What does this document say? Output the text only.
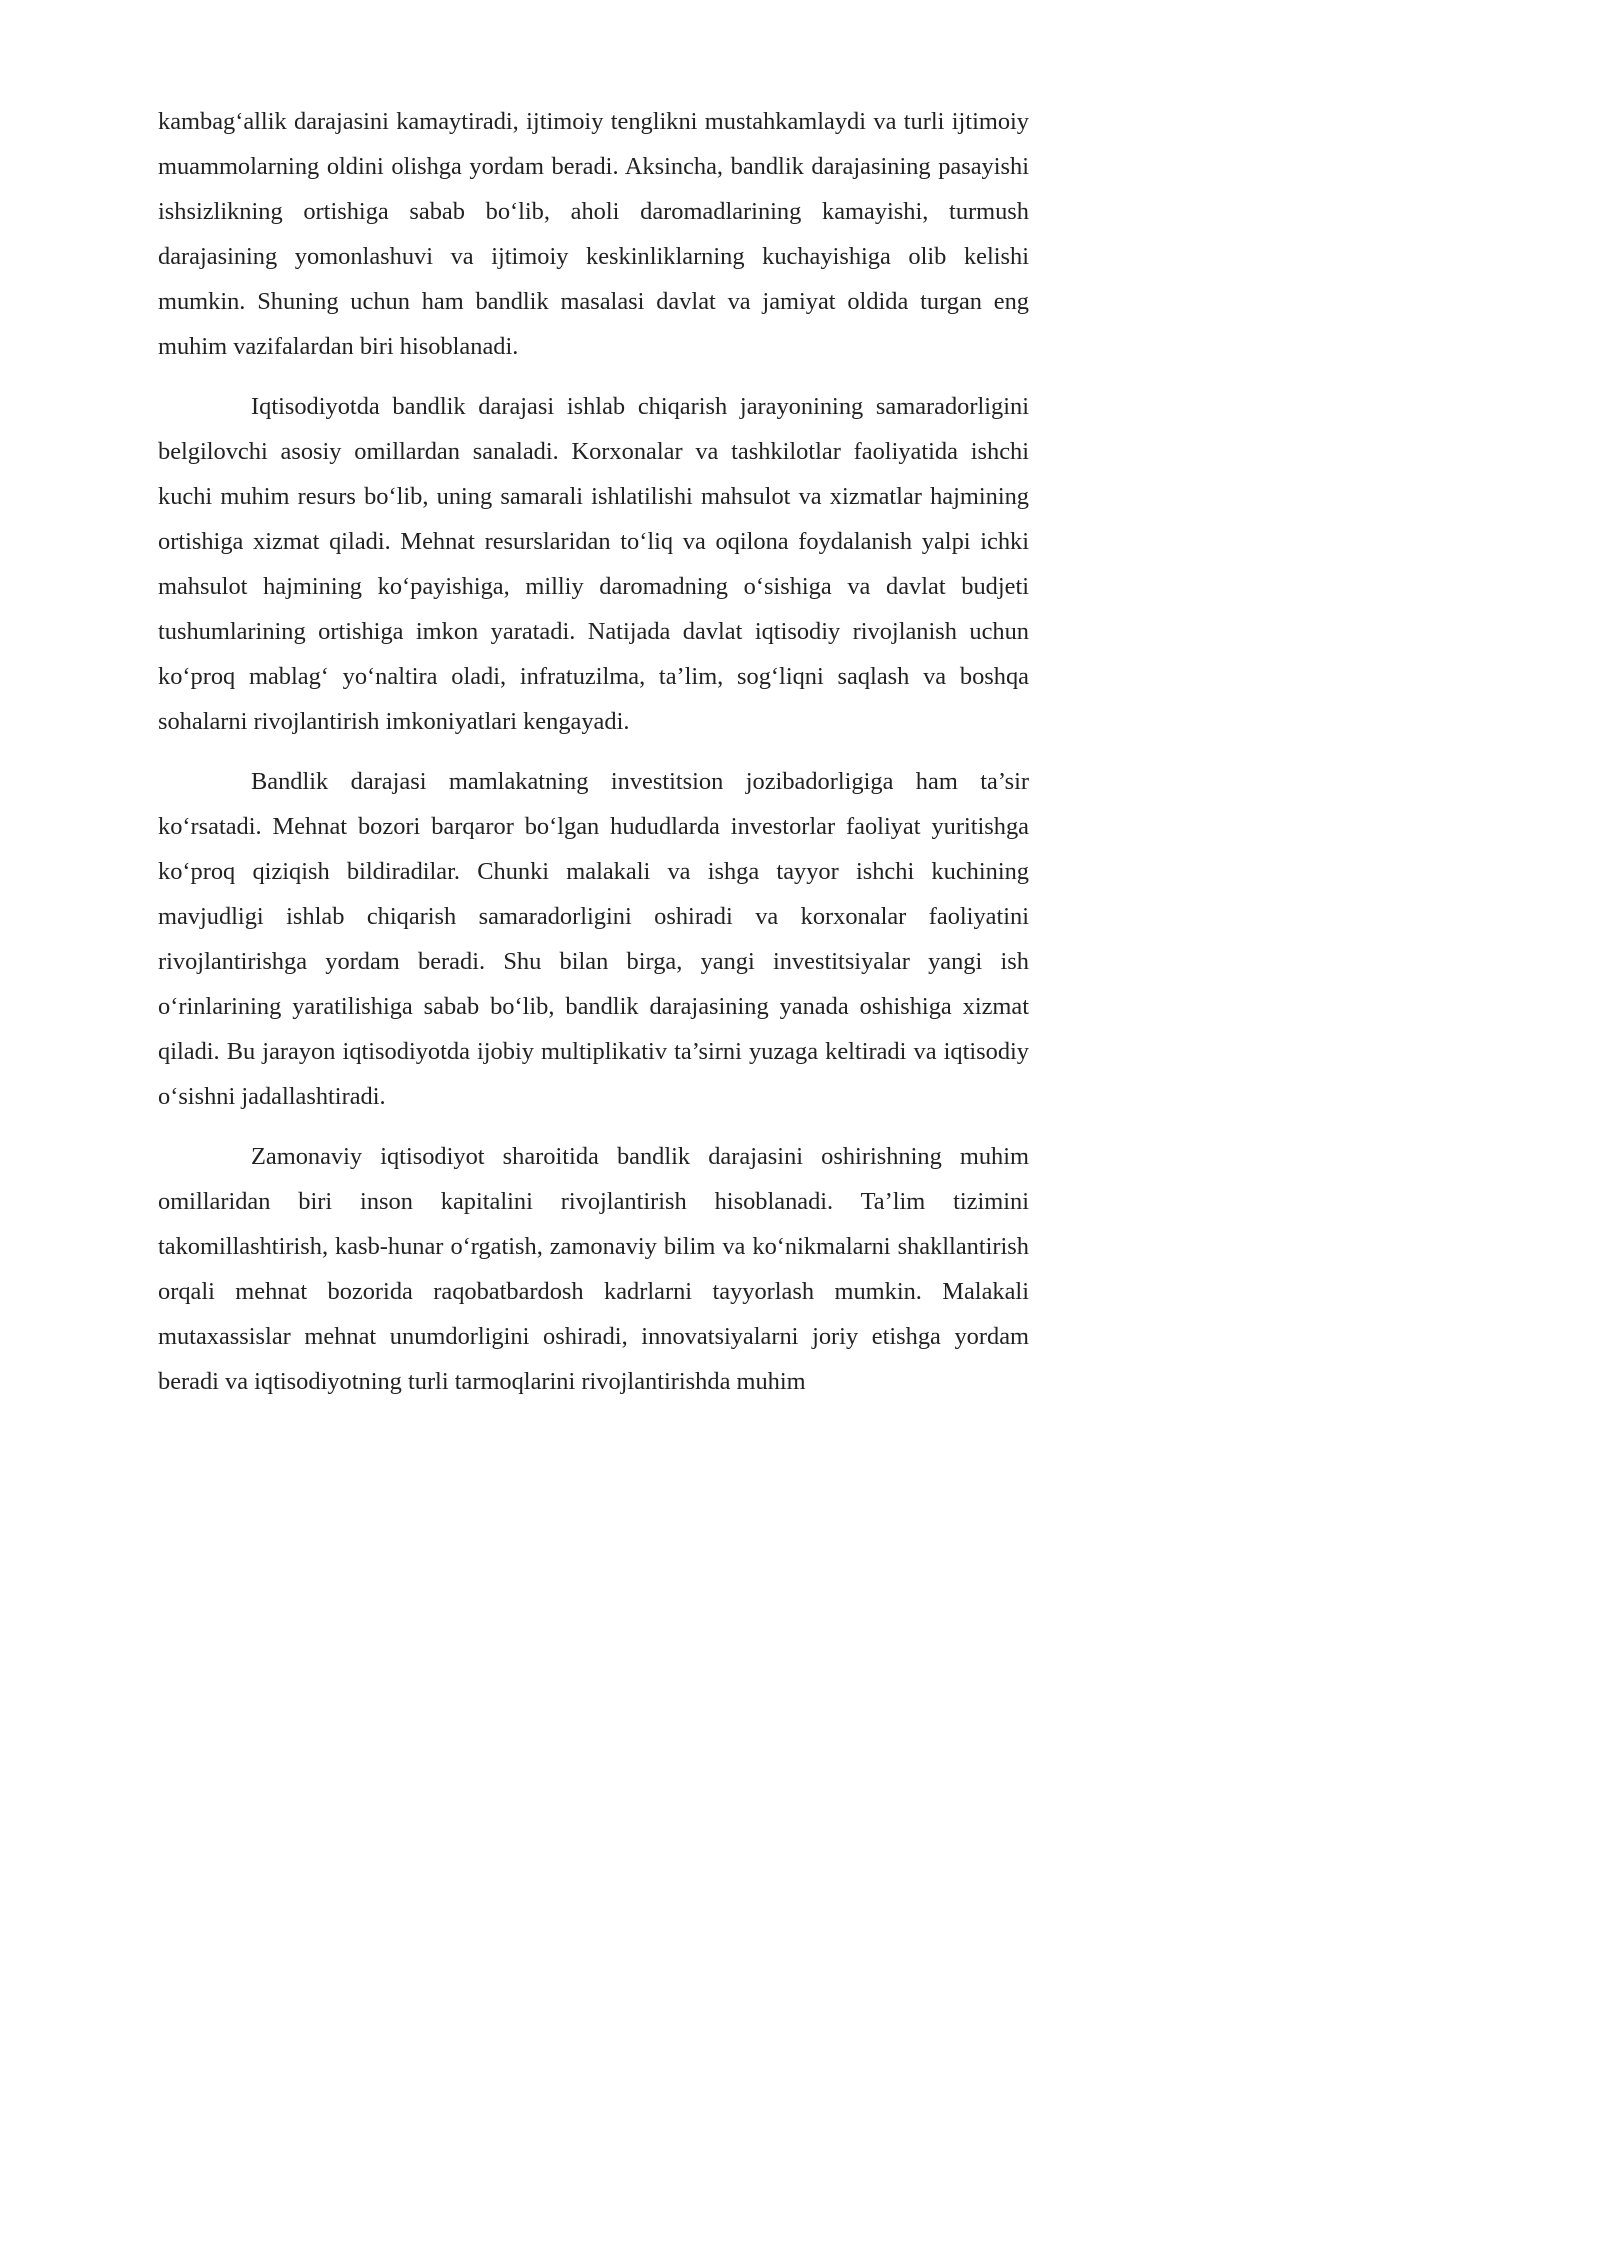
kambag‘allik darajasini kamaytiradi, ijtimoiy tenglikni mustahkamlaydi va turli ijtimoiy muammolarning oldini olishga yordam beradi. Aksincha, bandlik darajasining pasayishi ishsizlikning ortishiga sabab bo‘lib, aholi daromadlarining kamayishi, turmush darajasining yomonlashuvi va ijtimoiy keskinliklarning kuchayishiga olib kelishi mumkin. Shuning uchun ham bandlik masalasi davlat va jamiyat oldida turgan eng muhim vazifalardan biri hisoblanadi.

Iqtisodiyotda bandlik darajasi ishlab chiqarish jarayonining samaradorligini belgilovchi asosiy omillardan sanaladi. Korxonalar va tashkilotlar faoliyatida ishchi kuchi muhim resurs bo‘lib, uning samarali ishlatilishi mahsulot va xizmatlar hajmining ortishiga xizmat qiladi. Mehnat resurslaridan to‘liq va oqilona foydalanish yalpi ichki mahsulot hajmining ko‘payishiga, milliy daromadning o‘sishiga va davlat budjeti tushumlarining ortishiga imkon yaratadi. Natijada davlat iqtisodiy rivojlanish uchun ko‘proq mablag‘ yo‘naltira oladi, infratuzilma, ta’lim, sog‘liqni saqlash va boshqa sohalarni rivojlantirish imkoniyatlari kengayadi.

Bandlik darajasi mamlakatning investitsion jozibadorligiga ham ta’sir ko‘rsatadi. Mehnat bozori barqaror bo‘lgan hududlarda investorlar faoliyat yuritishga ko‘proq qiziqish bildiradilar. Chunki malakali va ishga tayyor ishchi kuchining mavjudligi ishlab chiqarish samaradorligini oshiradi va korxonalar faoliyatini rivojlantirishga yordam beradi. Shu bilan birga, yangi investitsiyalar yangi ish o‘rinlarining yaratilishiga sabab bo‘lib, bandlik darajasining yanada oshishiga xizmat qiladi. Bu jarayon iqtisodiyotda ijobiy multiplikativ ta’sirni yuzaga keltiradi va iqtisodiy o‘sishni jadallashtiradi.

Zamonaviy iqtisodiyot sharoitida bandlik darajasini oshirishning muhim omillaridan biri inson kapitalini rivojlantirish hisoblanadi. Ta’lim tizimini takomillashtirish, kasb-hunar o‘rgatish, zamonaviy bilim va ko‘nikmalarni shakllantirish orqali mehnat bozorida raqobatbardosh kadrlarni tayyorlash mumkin. Malakali mutaxassislar mehnat unumdorligini oshiradi, innovatsiyalarni joriy etishga yordam beradi va iqtisodiyotning turli tarmoqlarini rivojlantirishda muhim
